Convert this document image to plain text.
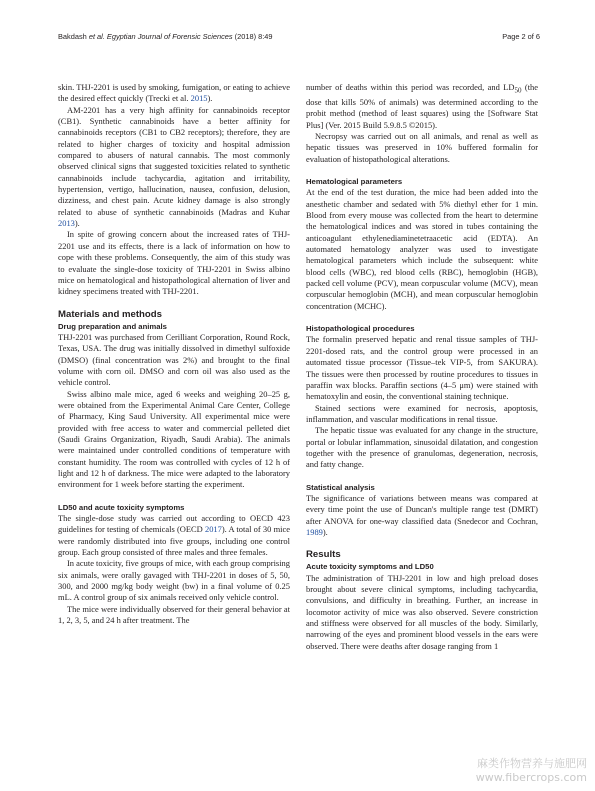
Bakdash et al. Egyptian Journal of Forensic Sciences (2018) 8:49	Page 2 of 6

skin. THJ-2201 is used by smoking, fumigation, or eating to achieve the desired effect quickly (Trecki et al. 2015).

AM-2201 has a very high affinity for cannabinoids receptor (CB1). Synthetic cannabinoids have a better affinity for cannabinoids receptors (CB1 to CB2 receptors); therefore, they are related to higher charges of toxicity and hospital admission compared to abusers of natural cannabis. The most commonly observed clinical signs that suggested toxicities related to synthetic cannabinoids include tachycardia, agitation and irritability, hypertension, vertigo, hallucination, nausea, confusion, delusion, dizziness, and chest pain. Acute kidney damage is also strongly related to abuse of synthetic cannabinoids (Madras and Kuhar 2013).

In spite of growing concern about the increased rates of THJ-2201 use and its effects, there is a lack of information on how to cope with these problems. Consequently, the aim of this study was to evaluate the single-dose toxicity of THJ-2201 in Swiss albino mice on hematological and histopathological alternation of liver and kidney specimens treated with THJ-2201.

Materials and methods
Drug preparation and animals

THJ-2201 was purchased from Cerilliant Corporation, Round Rock, Texas, USA. The drug was initially dissolved in dimethyl sulfoxide (DMSO) (final concentration was 2%) and brought to the final volume with corn oil. DMSO and corn oil was also used as the vehicle control.

Swiss albino male mice, aged 6 weeks and weighing 20–25 g, were obtained from the Experimental Animal Care Center, College of Pharmacy, King Saud University. All experimental mice were provided with free access to water and commercial pelleted diet (Saudi Grains Organization, Riyadh, Saudi Arabia). The animals were maintained under controlled conditions of temperature with constant humidity. The room was controlled with cycles of 12 h of light and 12 h of darkness. The mice were adapted to the laboratory environment for 1 week before starting the experiment.

LD50 and acute toxicity symptoms

The single-dose study was carried out according to OECD 423 guidelines for testing of chemicals (OECD 2017). A total of 30 mice were randomly distributed into five groups, including one control group. Each group consisted of three males and three females.

In acute toxicity, five groups of mice, with each group comprising six animals, were orally gavaged with THJ-2201 in doses of 5, 50, 300, and 2000 mg/kg body weight (bw) in a final volume of 0.25 mL. A control group of six animals received only vehicle control.

The mice were individually observed for their general behavior at 1, 2, 3, 5, and 24 h after treatment. The

number of deaths within this period was recorded, and $LD_{50}$ (the dose that kills 50% of animals) was determined according to the probit method (method of least squares) using the [Software Stat Plus] (Ver. 2015 Build 5.9.8.5 ©2015).

Necropsy was carried out on all animals, and renal as well as hepatic tissues was preserved in 10% buffered formalin for evaluation of histopathological alterations.

Hematological parameters

At the end of the test duration, the mice had been added into the anesthetic chamber and sedated with 5% diethyl ether for 1 min. Blood from every mouse was collected from the heart to determine the hematological indices and was stored in tubes containing the anticoagulant ethylenediaminetetraacetic acid (EDTA). An automated hematology analyzer was used to investigate hematological parameters which include the subsequent: white blood cells (WBC), red blood cells (RBC), hemoglobin (HGB), packed cell volume (PCV), mean corpuscular volume (MCV), mean corpuscular hemoglobin (MCH), and mean corpuscular hemoglobin concentration (MCHC).

Histopathological procedures

The formalin preserved hepatic and renal tissue samples of THJ-2201-dosed rats, and the control group were processed in an automated tissue processor (Tissue–tek VIP-5, from SAKURA). The tissues were then processed by routine procedures to tissues in paraffin wax blocks. Paraffin sections (4–5 μm) were stained with hematoxylin and eosin, the conventional staining technique.

Stained sections were examined for necrosis, apoptosis, inflammation, and vascular modifications in renal tissue.

The hepatic tissue was evaluated for any change in the structure, portal or lobular inflammation, sinusoidal dilatation, and congestion together with the presence of granulomas, degeneration, necrosis, and fatty change.

Statistical analysis

The significance of variations between means was compared at every time point the use of Duncan's multiple range test (DMRT) after ANOVA for one-way classified data (Snedecor and Cochran, 1989).

Results
Acute toxicity symptoms and LD50

The administration of THJ-2201 in low and high preload doses brought about severe clinical symptoms, including tachycardia, convulsions, and difficulty in breathing. Further, an increase in locomotor activity of mice was also observed. Severe constriction and stiffness were observed for all muscles of the body. Similarly, narrowing of the eyes and prominent blood vessels in the ears were observed. There were deaths after dosage ranging from 1

麻类作物营养与施肥网
www.fibercrops.com
